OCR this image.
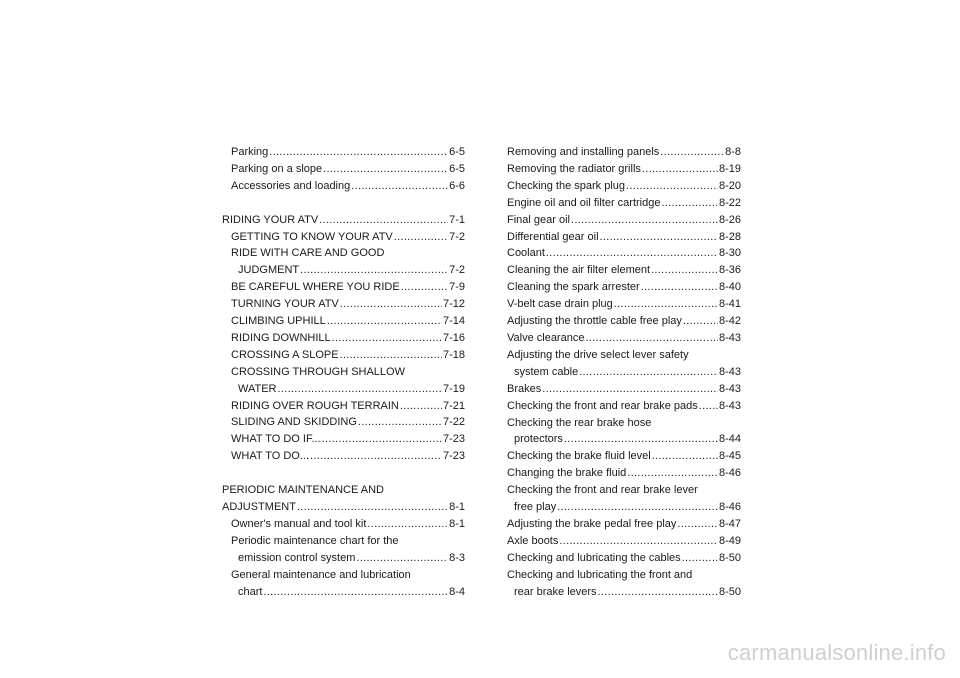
Parking .....	6-5
Parking on a slope .....	6-5
Accessories and loading .....	6-6
RIDING YOUR ATV .....	7-1
GETTING TO KNOW YOUR ATV .....	7-2
RIDE WITH CARE AND GOOD
JUDGMENT .....	7-2
BE CAREFUL WHERE YOU RIDE .....	7-9
TURNING YOUR ATV .....	7-12
CLIMBING UPHILL .....	7-14
RIDING DOWNHILL .....	7-16
CROSSING A SLOPE .....	7-18
CROSSING THROUGH SHALLOW
WATER .....	7-19
RIDING OVER ROUGH TERRAIN .....	7-21
SLIDING AND SKIDDING .....	7-22
WHAT TO DO IF... .....	7-23
WHAT TO DO... .....	7-23
PERIODIC MAINTENANCE AND
ADJUSTMENT .....	8-1
Owner's manual and tool kit .....	8-1
Periodic maintenance chart for the
emission control system .....	8-3
General maintenance and lubrication
chart .....	8-4
Removing and installing panels .....	8-8
Removing the radiator grills .....	8-19
Checking the spark plug .....	8-20
Engine oil and oil filter cartridge .....	8-22
Final gear oil .....	8-26
Differential gear oil .....	8-28
Coolant .....	8-30
Cleaning the air filter element .....	8-36
Cleaning the spark arrester .....	8-40
V-belt case drain plug .....	8-41
Adjusting the throttle cable free play .....	8-42
Valve clearance .....	8-43
Adjusting the drive select lever safety
system cable .....	8-43
Brakes .....	8-43
Checking the front and rear brake pads ..... 8-43
Checking the rear brake hose
protectors .....	8-44
Checking the brake fluid level .....	8-45
Changing the brake fluid .....	8-46
Checking the front and rear brake lever
free play .....	8-46
Adjusting the brake pedal free play .....	8-47
Axle boots .....	8-49
Checking and lubricating the cables .....	8-50
Checking and lubricating the front and
rear brake levers .....	8-50
carmanualsonline.info
